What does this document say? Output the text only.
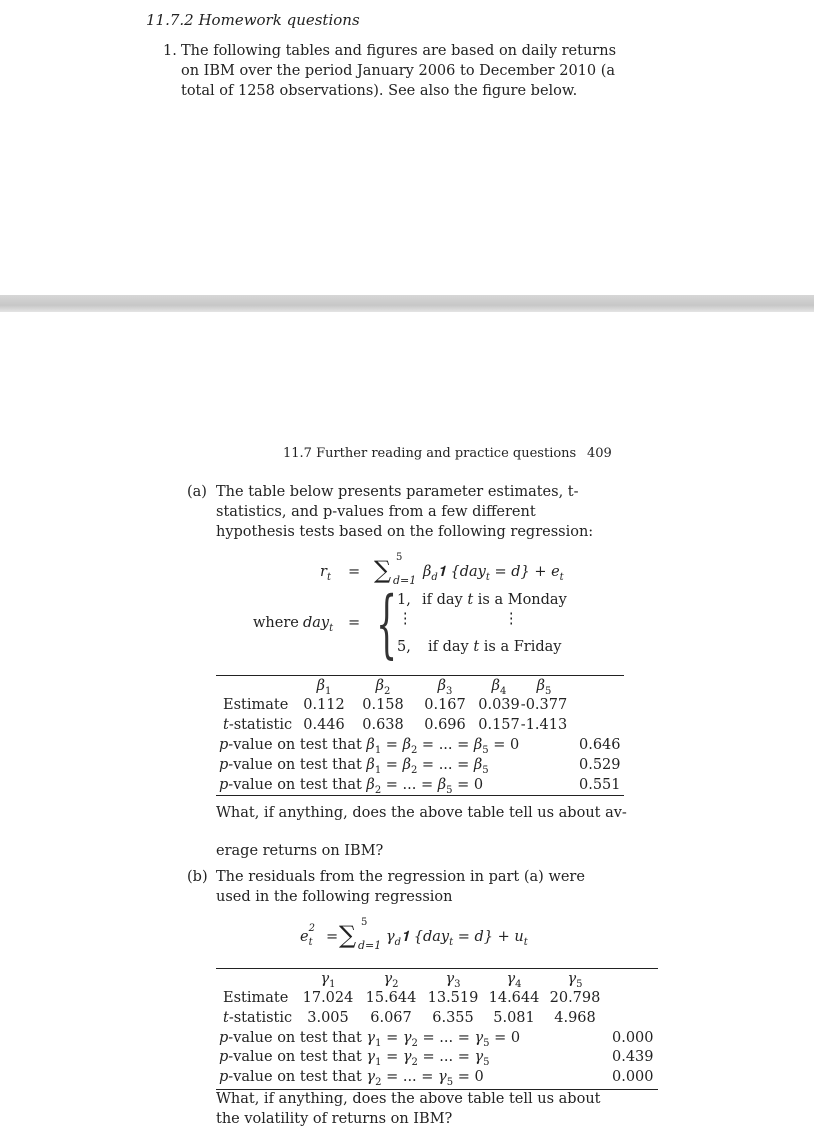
11.7.2 Homework questions
1. The following tables and figures are based on daily returns on IBM over the period January 2006 to December 2010 (a total of 1258 observations). See also the figure below.
11.7 Further reading and practice questions 409
(a) The table below presents parameter estimates, t-statistics, and p-values from a few different hypothesis tests based on the following regression:
$r_t$ = ∑ 5
d=1
$\beta_d𝟏$ $\{day_t = d\} + e_t$
where day$_t$ = { 1, if day t is a Monday
⋮	⋮
5, if day t is a Friday
$\beta_1$	$\beta_2$	$\beta_3$	$\beta_4$ $\beta_5$
Estimate 0.112 0.158 0.167 0.039 -0.377
t-statistic 0.446 0.638 0.696 0.157 -1.413
p-value on test that $\beta_1 = \beta_2$ = ... = $\beta_5 = 0$	0.646
p-value on test that $\beta_1 = \beta_2$ = ... = $\beta_5$	0.529
p-value on test that $\beta_2$ = ... = $\beta_5 = 0$	0.551
What, if anything, does the above table tell us about av-
erage returns on IBM?
(b) The residuals from the regression in part (a) were used in the following regression
e
2
$_t$ = ∑ 5
d=1
$\gamma_d𝟏$ $\{day_t = d\} + u_t$
$\gamma_1$	$\gamma_2$	$\gamma_3$	$\gamma_4$	$\gamma_5$
Estimate 17.024 15.644 13.519 14.644 20.798
t-statistic 3.005 6.067 6.355 5.081 4.968
p-value on test that $\gamma_1 = \gamma_2$ = ... = $\gamma_5 = 0$	0.000
p-value on test that $\gamma_1 = \gamma_2$ = ... = $\gamma_5$	0.439
p-value on test that $\gamma_2$ = ... = $\gamma_5 = 0$	0.000
What, if anything, does the above table tell us about the volatility of returns on IBM?
